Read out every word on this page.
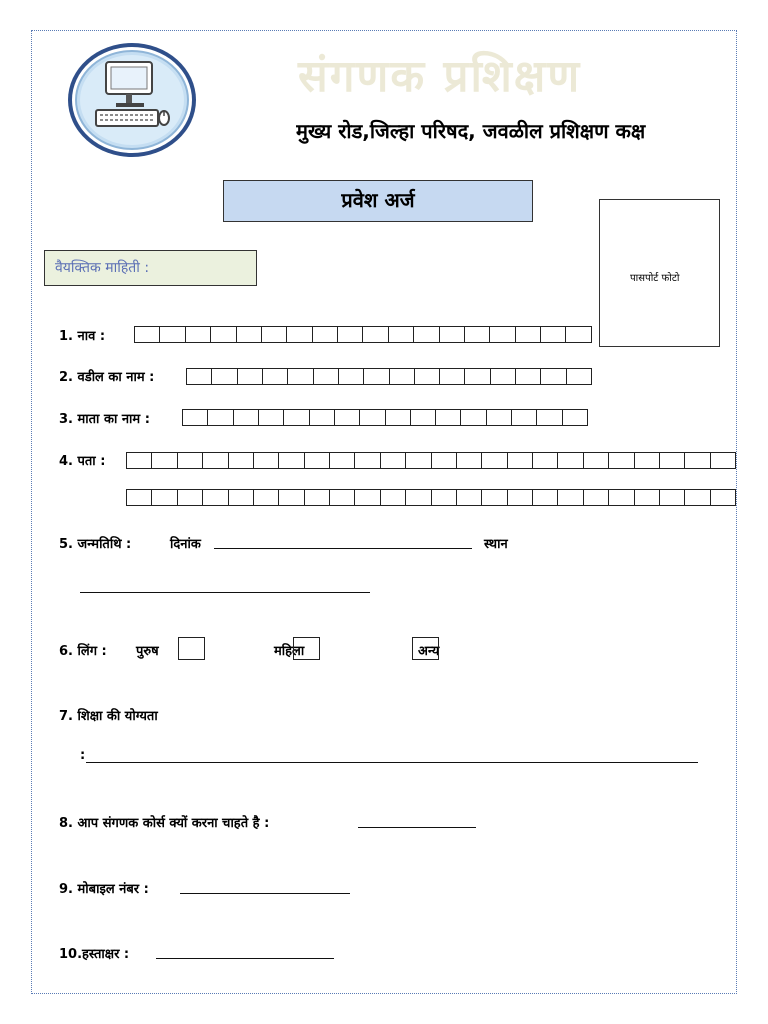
संगणक प्रशिक्षण
मुख्य रोड,जिल्हा परिषद, जवळील प्रशिक्षण कक्ष
प्रवेश अर्ज
पासपोर्ट फोटो
वैयक्तिक माहिती :
1. नाव :
2. वडील का नाम :
3. माता का नाम :
4. पता :
5. जन्मतिथि :	दिनांक	स्थान
6. लिंग : पुरुष	महिला	अन्य
7. शिक्षा की योग्यता
:
8. आप संगणक कोर्स क्यों करना चाहते है :
9. मोबाइल नंबर :
10.हस्ताक्षर :
